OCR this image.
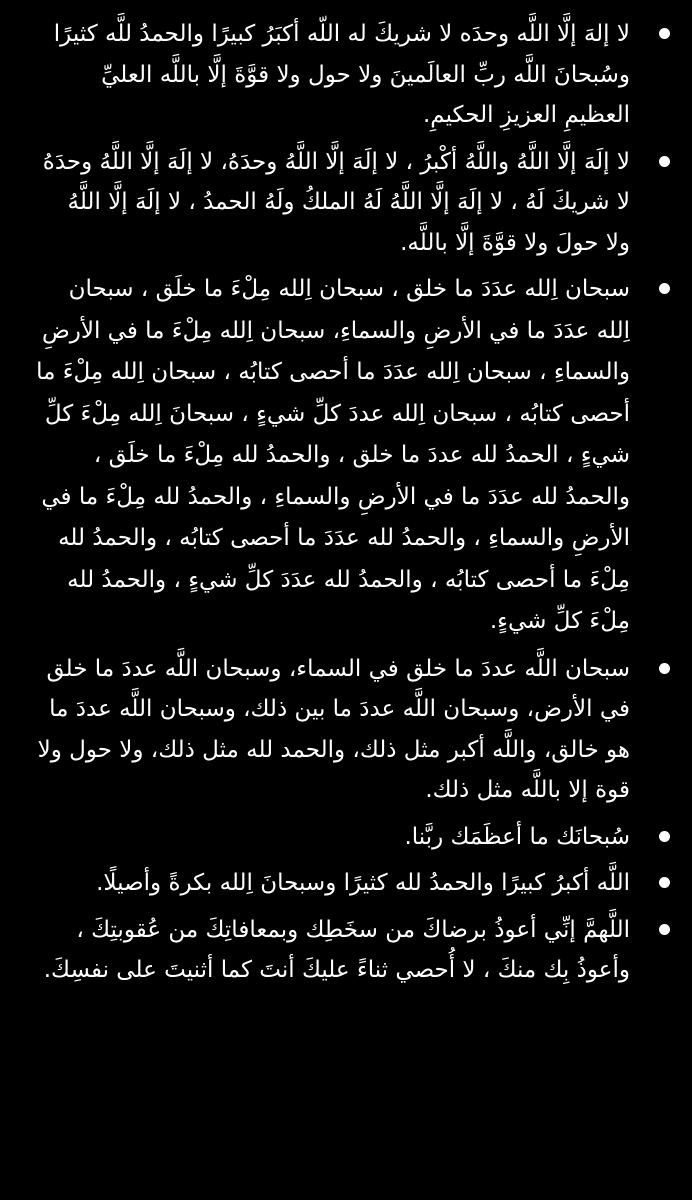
لا إلهَ إلَّا اللَّه وحدَه لا شريكَ له اللّه أكبَرُ كبيرًا والحمدُ للَّه كثيرًا وسُبحانَ اللَّه ربِّ العالَمينَ ولا حول ولا قوَّةَ إلَّا باللَّه العليِّ العظيمِ العزيزِ الحكيمِ.
لا إلَهَ إلَّا اللَّهُ واللَّهُ أكْبرُ ، لا إلَهَ إلَّا اللَّهُ وحدَهُ، لا إلَهَ إلَّا اللَّهُ وحدَهُ لا شريكَ لَهُ ، لا إلَهَ إلَّا اللَّهُ لَهُ الملكُ ولَهُ الحمدُ ، لا إلَهَ إلَّا اللَّهُ ولا حولَ ولا قوَّةَ إلَّا باللَّه.
سبحان اِلله عدَدَ ما خلق ، سبحان اِلله مِلْءَ ما خلَق ، سبحان اِلله عدَدَ ما في الأرضِ والسماءِ، سبحان اِلله مِلْءَ ما في الأرضِ والسماءِ ، سبحان اِلله عدَدَ ما أحصى كتابُه ، سبحان اِلله مِلْءَ ما أحصى كتابُه ، سبحان اِلله عددَ كلِّ شيءٍ ، سبحانَ اِلله مِلْءَ كلِّ شيءٍ ، الحمدُ لله عددَ ما خلق ، والحمدُ لله مِلْءَ ما خلَق ، والحمدُ لله عدَدَ ما في الأرضِ والسماءِ ، والحمدُ لله مِلْءَ ما في الأرضِ والسماءِ ، والحمدُ لله عدَدَ ما أحصى كتابُه ، والحمدُ لله مِلْءَ ما أحصى كتابُه ، والحمدُ لله عدَدَ كلِّ شيءٍ ، والحمدُ لله مِلْءَ كلِّ شيءٍ.
سبحان اللَّه عددَ ما خلق في السماء، وسبحان اللَّه عددَ ما خلق في الأرض، وسبحان اللَّه عددَ ما بين ذلك، وسبحان اللَّه عددَ ما هو خالق، واللَّه أكبر مثل ذلك، والحمد لله مثل ذلك، ولا حول ولا قوة إلا باللَّه مثل ذلك.
سُبحانَك ما أعظَمَك ربَّنا.
اللَّه أكبرُ كبيرًا والحمدُ لله كثيرًا وسبحانَ اِلله بكرةً وأصيلًا.
اللَّهمَّ إنِّي أعوذُ برضاكَ من سخَطِك وبمعافاتِكَ من عُقوبتِكَ ، وأعوذُ بِك منكَ ، لا أُحصي ثناءً عليكَ أنتَ كما أثنيتَ على نفسِكَ.
